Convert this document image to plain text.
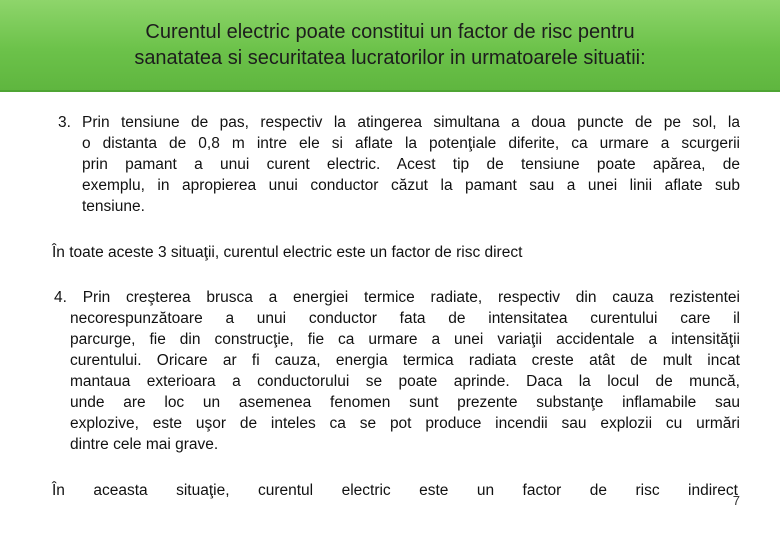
Curentul electric poate constitui un factor de risc pentru
sanatatea si securitatea lucratorilor in urmatoarele situatii:
3. Prin tensiune de pas, respectiv la atingerea simultana a doua puncte de pe sol, la
o distanta de 0,8 m intre ele si aflate la potenţiale diferite, ca urmare a scurgerii
prin pamant a unui curent electric. Acest tip de tensiune poate apărea, de
exemplu, in apropierea unui conductor căzut la pamant sau a unei linii aflate sub
tensiune.
În toate aceste 3 situaţii, curentul electric este un factor de risc direct
4. Prin creşterea brusca a energiei termice radiate, respectiv din cauza rezistentei
necorespunzătoare a unui conductor fata de intensitatea curentului care il
parcurge, fie din construcţie, fie ca urmare a unei variaţii accidentale a intensităţii
curentului. Oricare ar fi cauza, energia termica radiata creste atât de mult incat
mantaua exterioara a conductorului se poate aprinde. Daca la locul de muncă,
unde are loc un asemenea fenomen sunt prezente substanţe inflamabile sau
explozive, este uşor de inteles ca se pot produce incendii sau explozii cu urmări
dintre cele mai grave.
În aceasta situaţie, curentul electric este un factor de risc indirect
7
